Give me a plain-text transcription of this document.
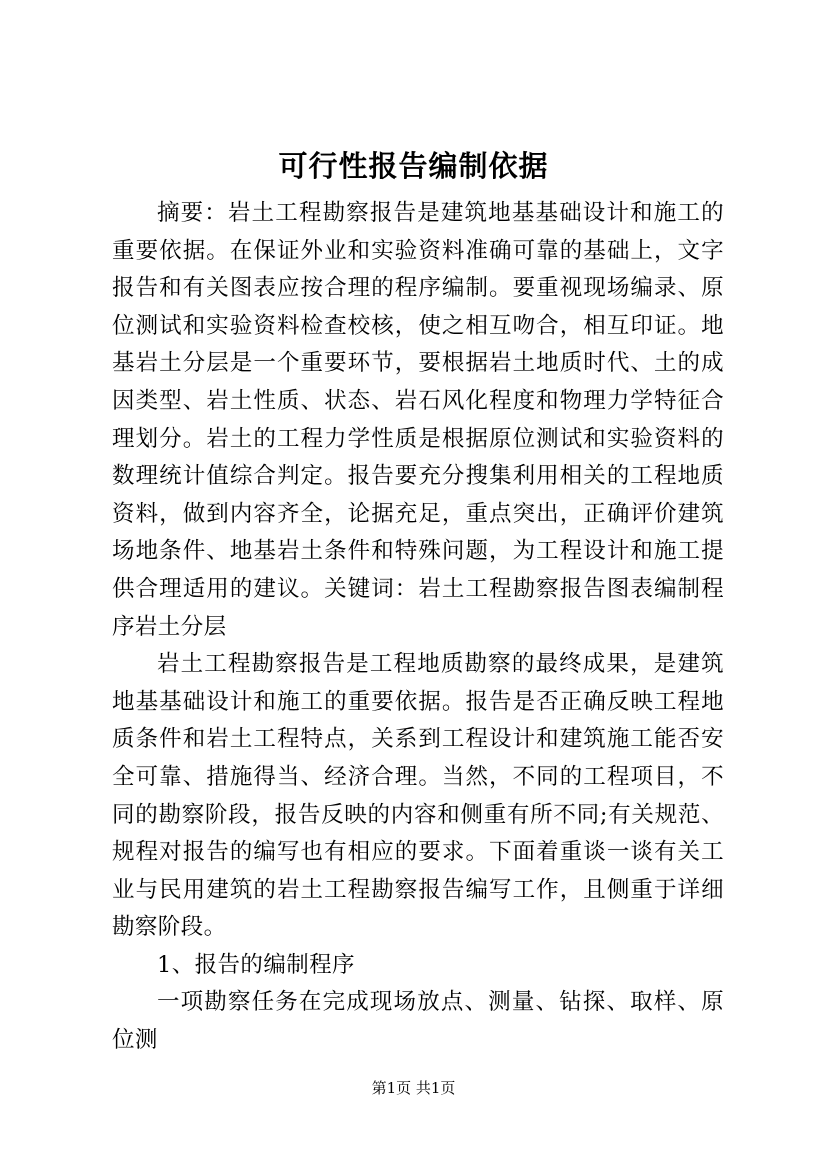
可行性报告编制依据

摘要：岩土工程勘察报告是建筑地基基础设计和施工的重要依据。在保证外业和实验资料准确可靠的基础上，文字报告和有关图表应按合理的程序编制。要重视现场编录、原位测试和实验资料检查校核，使之相互吻合，相互印证。地基岩土分层是一个重要环节，要根据岩土地质时代、土的成因类型、岩土性质、状态、岩石风化程度和物理力学特征合理划分。岩土的工程力学性质是根据原位测试和实验资料的数理统计值综合判定。报告要充分搜集利用相关的工程地质资料，做到内容齐全，论据充足，重点突出，正确评价建筑场地条件、地基岩土条件和特殊问题，为工程设计和施工提供合理适用的建议。关键词：岩土工程勘察报告图表编制程序岩土分层

岩土工程勘察报告是工程地质勘察的最终成果，是建筑地基基础设计和施工的重要依据。报告是否正确反映工程地质条件和岩土工程特点，关系到工程设计和建筑施工能否安全可靠、措施得当、经济合理。当然，不同的工程项目，不同的勘察阶段，报告反映的内容和侧重有所不同;有关规范、规程对报告的编写也有相应的要求。下面着重谈一谈有关工业与民用建筑的岩土工程勘察报告编写工作，且侧重于详细勘察阶段。

1、报告的编制程序

一项勘察任务在完成现场放点、测量、钻探、取样、原位测

第1页 共1页
